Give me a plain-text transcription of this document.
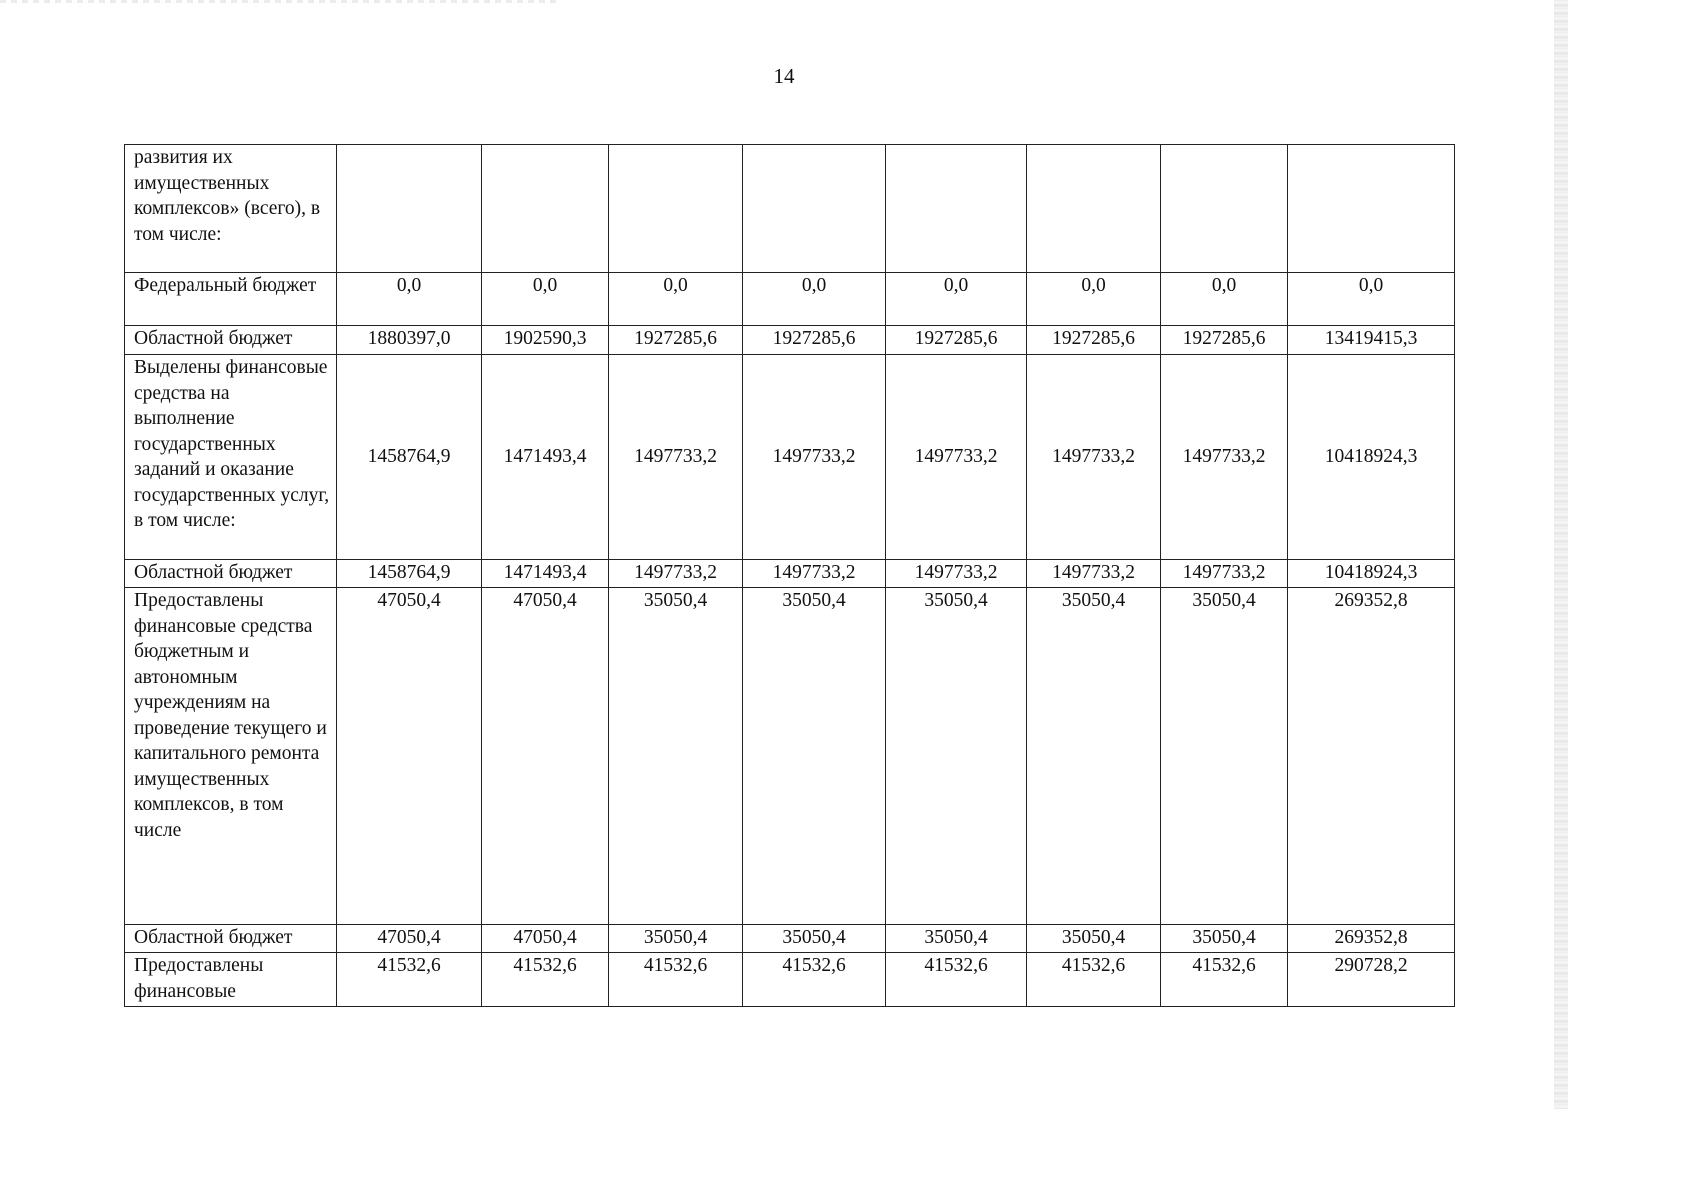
14
развития их имущественных комплексов» (всего), в том числе:								
Федеральный бюджет	0,0	0,0	0,0	0,0	0,0	0,0	0,0	0,0
Областной бюджет	1880397,0	1902590,3	1927285,6	1927285,6	1927285,6	1927285,6	1927285,6	13419415,3
Выделены финансовые средства на выполнение государственных заданий и оказание государственных услуг, в том числе:	1458764,9	1471493,4	1497733,2	1497733,2	1497733,2	1497733,2	1497733,2	10418924,3
Областной бюджет	1458764,9	1471493,4	1497733,2	1497733,2	1497733,2	1497733,2	1497733,2	10418924,3
Предоставлены финансовые средства бюджетным и автономным учреждениям на проведение текущего и капитального ремонта имущественных комплексов, в том числе	47050,4	47050,4	35050,4	35050,4	35050,4	35050,4	35050,4	269352,8
Областной бюджет	47050,4	47050,4	35050,4	35050,4	35050,4	35050,4	35050,4	269352,8
Предоставлены финансовые	41532,6	41532,6	41532,6	41532,6	41532,6	41532,6	41532,6	290728,2
